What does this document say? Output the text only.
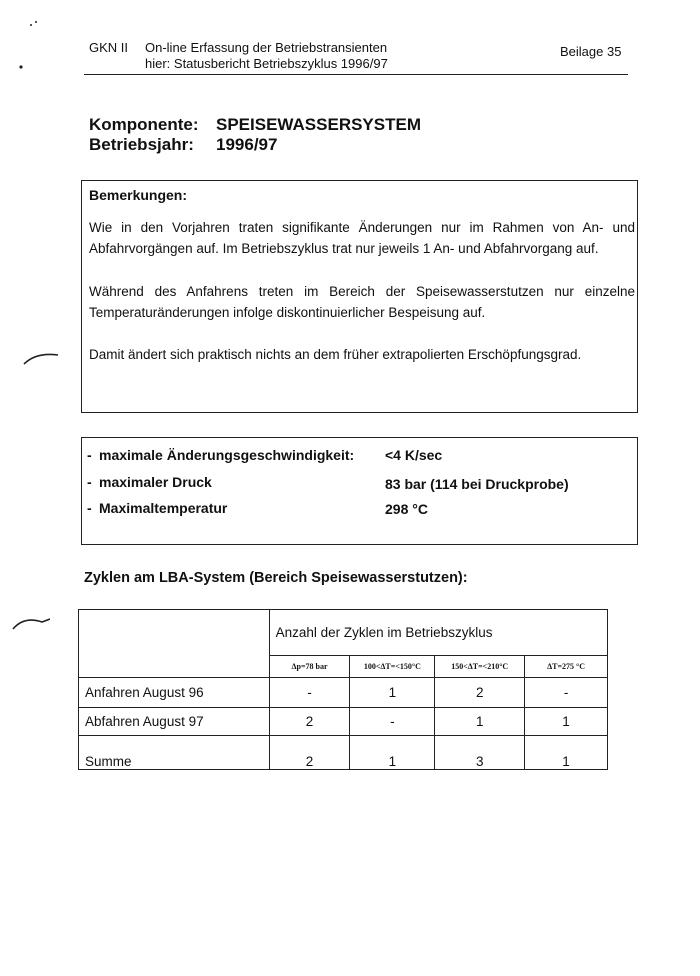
GKN II On-line Erfassung der Betriebstransienten
hier: Statusbericht Betriebszyklus 1996/97
Beilage 35
Komponente: SPEISEWASSERSYSTEM
Betriebsjahr: 1996/97
Bemerkungen:
Wie in den Vorjahren traten signifikante Änderungen nur im Rahmen von An- und Abfahrvorgängen auf. Im Betriebszyklus trat nur jeweils 1 An- und Abfahrvorgang auf.
Während des Anfahrens treten im Bereich der Speisewasserstutzen nur einzelne Temperaturänderungen infolge diskontinuierlicher Bespeisung auf.
Damit ändert sich praktisch nichts an dem früher extrapolierten Erschöpfungsgrad.
- maximale Änderungsgeschwindigkeit: <4 K/sec
- maximaler Druck	83 bar (114 bei Druckprobe)
- Maximaltemperatur	298 °C
Zyklen am LBA-System (Bereich Speisewasserstutzen):
	Anzahl der Zyklen im Betriebszyklus			
	Δp=78 bar	100<ΔT=<150°C	150<ΔT=<210°C	ΔT=275 °C
Anfahren August 96	-	1	2	-
Abfahren August 97	2	-	1	1
Summe	2	1	3	1
